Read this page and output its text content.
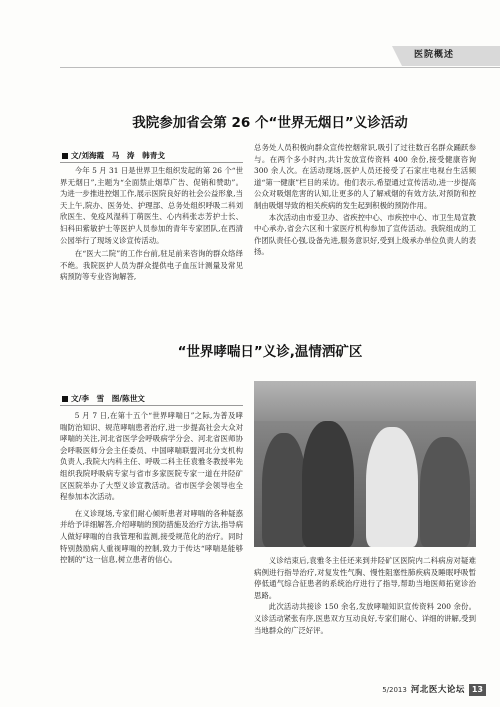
医院概述
我院参加省会第 26 个“世界无烟日”义诊活动
文/刘海霞　马　涛　韩青戈

今年 5 月 31 日是世界卫生组织发起的第 26 个“世界无烟日”,主题为“全面禁止烟草广告、促销和赞助”。为进一步推进控烟工作,展示医院良好的社会公益形象,当天上午,院办、医务处、护理部、总务处组织呼吸二科刘欣医生、免疫风湿科丁萌医生、心内科张志芳护士长、妇科田紫敏护士等医护人员参加的青年专家团队,在西清公园举行了现场义诊宣传活动。

在“医大二院”的工作台前,驻足前来咨询的群众络绎不绝。我院医护人员为群众提供电子血压计测量及常见病预防等专业咨询解答,

总务处人员积极向群众宣传控烟常识,吸引了过往数百名群众踊跃参与。在两个多小时内,共计发放宣传资料 400 余份,接受健康咨询 300 余人次。在活动现场,医护人员还接受了石家庄电视台生活频道“第一健康”栏目的采访。他们表示,希望通过宣传活动,进一步提高公众对吸烟危害的认知,让更多的人了解戒烟的有效方法,对预防和控制由吸烟导致的相关疾病的发生起到积极的预防作用。

本次活动由市爱卫办、省疾控中心、市疾控中心、市卫生局宣教中心承办,省会六区和十家医疗机构参加了宣传活动。我院组成的工作团队责任心强,设备先进,服务意识好,受到上级承办单位负责人的表扬。

“世界哮喘日”义诊,温情洒矿区
文/李　雪　图/陈世文

5 月 7 日,在第十五个“世界哮喘日”之际,为普及哮喘防治知识、规范哮喘患者治疗,进一步提高社会大众对哮喘的关注,河北省医学会呼吸病学分会、河北省医师协会呼吸医师分会主任委员、中国哮喘联盟河北分支机构负责人,我院大内科主任、呼吸二科主任袁雅冬教授率先组织我院呼吸病专家与省市多家医院专家一道在井陉矿区医院举办了大型义诊宣教活动。省市医学会领导也全程参加本次活动。

在义诊现场,专家们耐心倾听患者对哮喘的各种疑惑并给予详细解答,介绍哮喘的预防措施及治疗方法,指导病人做好哮喘的自我管理和监测,接受规范化的治疗。同时特别鼓励病人重视哮喘的控制,致力于传达“哮喘是能够控制的”这一信息,树立患者的信心。	义诊结束后,袁雅冬主任还来到井陉矿区医院内二科病房对疑难病例进行指导治疗,对复发性气胸、慢性阻塞性肺疾病及睡眠呼吸暂停低通气综合征患者的系统治疗进行了指导,帮助当地医师拓宽诊治思路。

此次活动共接诊 150 余名,发放哮喘知识宣传资料 200 余份。义诊活动紧张有序,医患双方互动良好,专家们耐心、详细的讲解,受到当地群众的广泛好评。

5/2013 河北医大论坛 13
